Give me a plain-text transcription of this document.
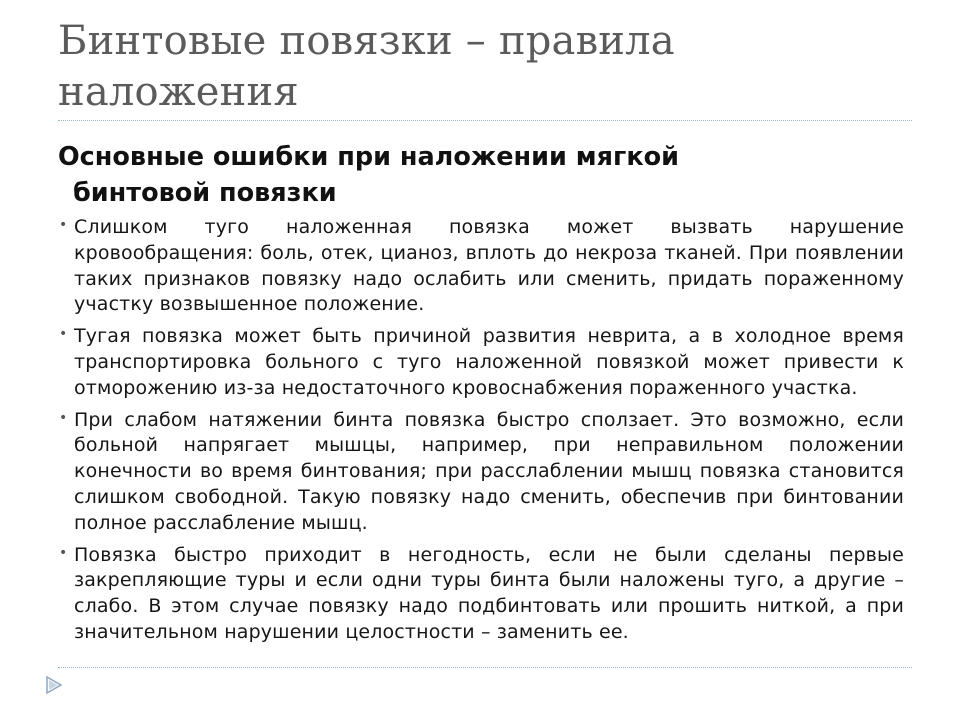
Бинтовые повязки – правила наложения
Основные ошибки при наложении мягкой
бинтовой повязки
• Слишком туго наложенная повязка может вызвать нарушение кровообращения: боль, отек, цианоз, вплоть до некроза тканей. При появлении таких признаков повязку надо ослабить или сменить, придать пораженному участку возвышенное положение.
• Тугая повязка может быть причиной развития неврита, а в холодное время транспортировка больного с туго наложенной повязкой может привести к отморожению из-за недостаточного кровоснабжения пораженного участка.
• При слабом натяжении бинта повязка быстро сползает. Это возможно, если больной напрягает мышцы, например, при неправильном положении конечности во время бинтования; при расслаблении мышц повязка становится слишком свободной. Такую повязку надо сменить, обеспечив при бинтовании полное расслабление мышц.
• Повязка быстро приходит в негодность, если не были сделаны первые закрепляющие туры и если одни туры бинта были наложены туго, а другие – слабо. В этом случае повязку надо подбинтовать или прошить ниткой, а при значительном нарушении целостности – заменить ее.
